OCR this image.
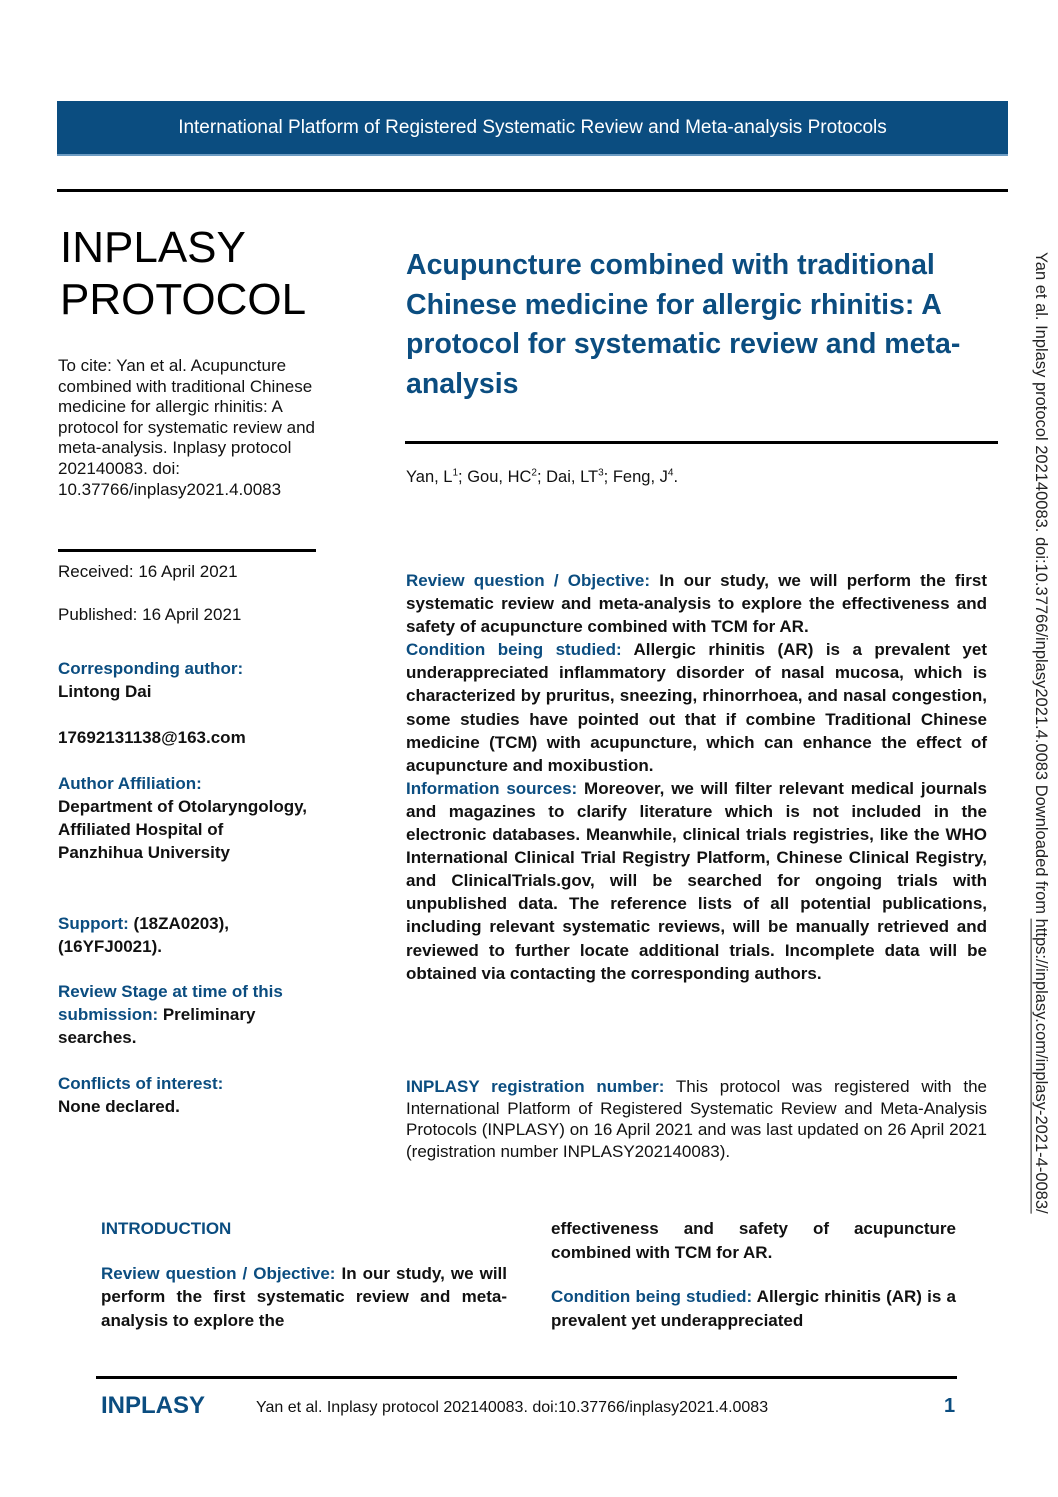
International Platform of Registered Systematic Review and Meta-analysis Protocols
INPLASY
PROTOCOL
To cite: Yan et al. Acupuncture combined with traditional Chinese medicine for allergic rhinitis: A protocol for systematic review and meta-analysis. Inplasy protocol 202140083. doi: 10.37766/inplasy2021.4.0083
Received: 16 April 2021
Published: 16 April 2021
Corresponding author:
Lintong Dai
17692131138@163.com
Author Affiliation:
Department of Otolaryngology, Affiliated Hospital of Panzhihua University
Support: (18ZA0203), (16YFJ0021).
Review Stage at time of this submission: Preliminary searches.
Conflicts of interest:
None declared.
Acupuncture combined with traditional Chinese medicine for allergic rhinitis: A protocol for systematic review and meta-analysis
Yan, $L^1$; Gou, $HC^2$; Dai, $LT^3$; Feng, $J^4$.

Review question / Objective: In our study, we will perform the first systematic review and meta-analysis to explore the effectiveness and safety of acupuncture combined with TCM for AR.

Condition being studied: Allergic rhinitis (AR) is a prevalent yet underappreciated inflammatory disorder of nasal mucosa, which is characterized by pruritus, sneezing, rhinorrhoea, and nasal congestion, some studies have pointed out that if combine Traditional Chinese medicine (TCM) with acupuncture, which can enhance the effect of acupuncture and moxibustion.

Information sources: Moreover, we will filter relevant medical journals and magazines to clarify literature which is not included in the electronic databases. Meanwhile, clinical trials registries, like the WHO International Clinical Trial Registry Platform, Chinese Clinical Registry, and ClinicalTrials.gov, will be searched for ongoing trials with unpublished data. The reference lists of all potential publications, including relevant systematic reviews, will be manually retrieved and reviewed to further locate additional trials. Incomplete data will be obtained via contacting the corresponding authors.

INPLASY registration number: This protocol was registered with the International Platform of Registered Systematic Review and Meta-Analysis Protocols (INPLASY) on 16 April 2021 and was last updated on 26 April 2021 (registration number INPLASY202140083).

INTRODUCTION

Review question / Objective: In our study, we will perform the first systematic review and meta-analysis to explore the

effectiveness and safety of acupuncture combined with TCM for AR.

Condition being studied: Allergic rhinitis (AR) is a prevalent yet underappreciated

INPLASY	Yan et al. Inplasy protocol 202140083. doi:10.37766/inplasy2021.4.0083	1
Yan et al. Inplasy protocol 202140083. doi:10.37766/inplasy2021.4.0083 Downloaded from https://inplasy.com/inplasy-2021-4-0083/
